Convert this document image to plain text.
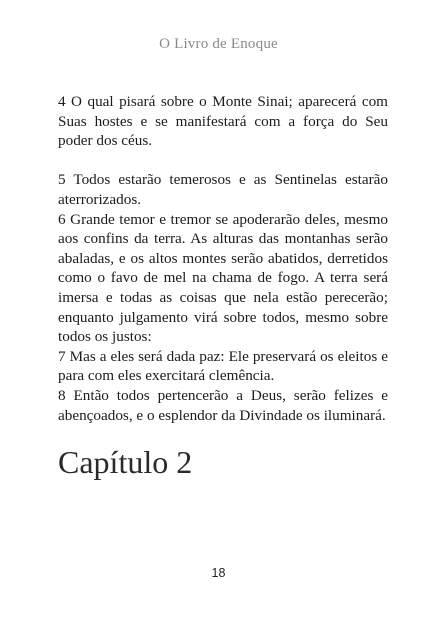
O Livro de Enoque

4 O qual pisará sobre o Monte Sinai; aparecerá com Suas hostes e se manifestará com a força do Seu poder dos céus.

5 Todos estarão temerosos e as Sentinelas estarão aterrorizados.

6 Grande temor e tremor se apoderarão deles, mesmo aos confins da terra. As alturas das montanhas serão abaladas, e os altos montes serão abatidos, derretidos como o favo de mel na chama de fogo. A terra será imersa e todas as coisas que nela estão perecerão; enquanto julgamento virá sobre todos, mesmo sobre todos os justos:

7 Mas a eles será dada paz: Ele preservará os eleitos e para com eles exercitará clemência.

8 Então todos pertencerão a Deus, serão felizes e abençoados, e o esplendor da Divindade os iluminará.

Capítulo 2
18
